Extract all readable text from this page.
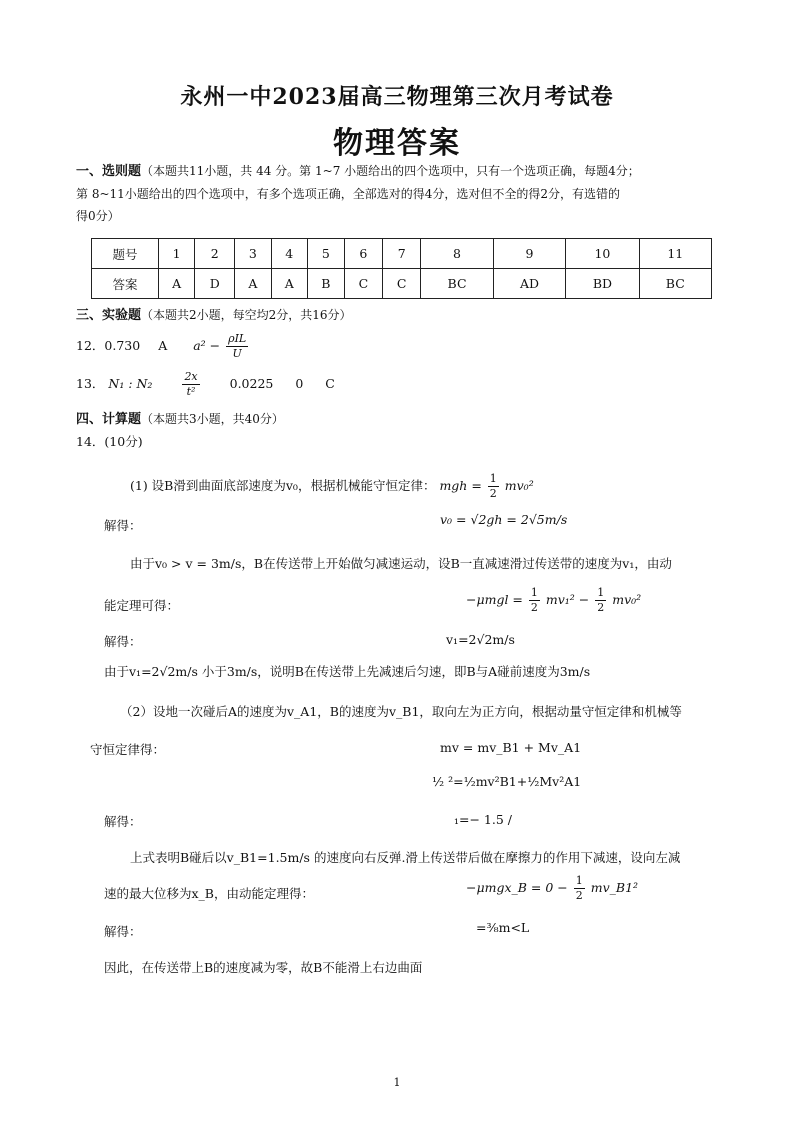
永州一中2023届高三物理第三次月考试卷
物理答案
一、选则题（本题共11小题，共 44 分。第 1~7 小题给出的四个选项中，只有一个选项正确，每题4分；
第 8~11小题给出的四个选项中，有多个选项正确，全部选对的得4分，选对但不全的得2分，有选错的
得0分）
题号	1	2	3	4	5	6	7	8	9	10	11
答案	A	D	A	A	B	C	C	BC	AD	BD	BC
三、实验题（本题共2小题，每空均2分，共16分）
12．0.730 A $a^2 - \frac{\text{ρIL}}{U}$
13． N₁ : N₂	$\frac{2x}{\text{t²}} 0.0225$ 0 C
四、计算题（本题共3小题，共40分）
14．(10分)
(1) 设B滑到曲面底部速度为v₀，根据机械能守恒定律： mgh = $\frac{1}{2} mv_0^2$
解得：	v₀ = √2gh = 2√5m/s
由于v₀ > v = 3m/s，B在传送带上开始做匀减速运动，设B一直减速滑过传送带的速度为v₁，由动
能定理可得：	$-\mu mgl = \frac{1}{2} mv_1^2 - \frac{1}{2} mv_0^2$
解得：	v₁=2√2m/s
由于v₁=2√2m/s 小于3m/s，说明B在传送带上先减速后匀速，即B与A碰前速度为3m/s
（2）设地一次碰后A的速度为v_A1，B的速度为v_B1，取向左为正方向，根据动量守恒定律和机械等
守恒定律得：	mv = mv_B1 + Mv_A1
½ ²=½mv²B1+½Mv²A1
解得：	₁=− 1.5 /
上式表明B碰后以v_B1=1.5m/s 的速度向右反弹.滑上传送带后做在摩擦力的作用下减速，设向左减
速的最大位移为x_B，由动能定理得：	−μmgx_B = $0 - \frac{1}{2}$ mv_B1²
解得：	=⅜m<L
因此，在传送带上B的速度减为零，故B不能滑上右边曲面
1
